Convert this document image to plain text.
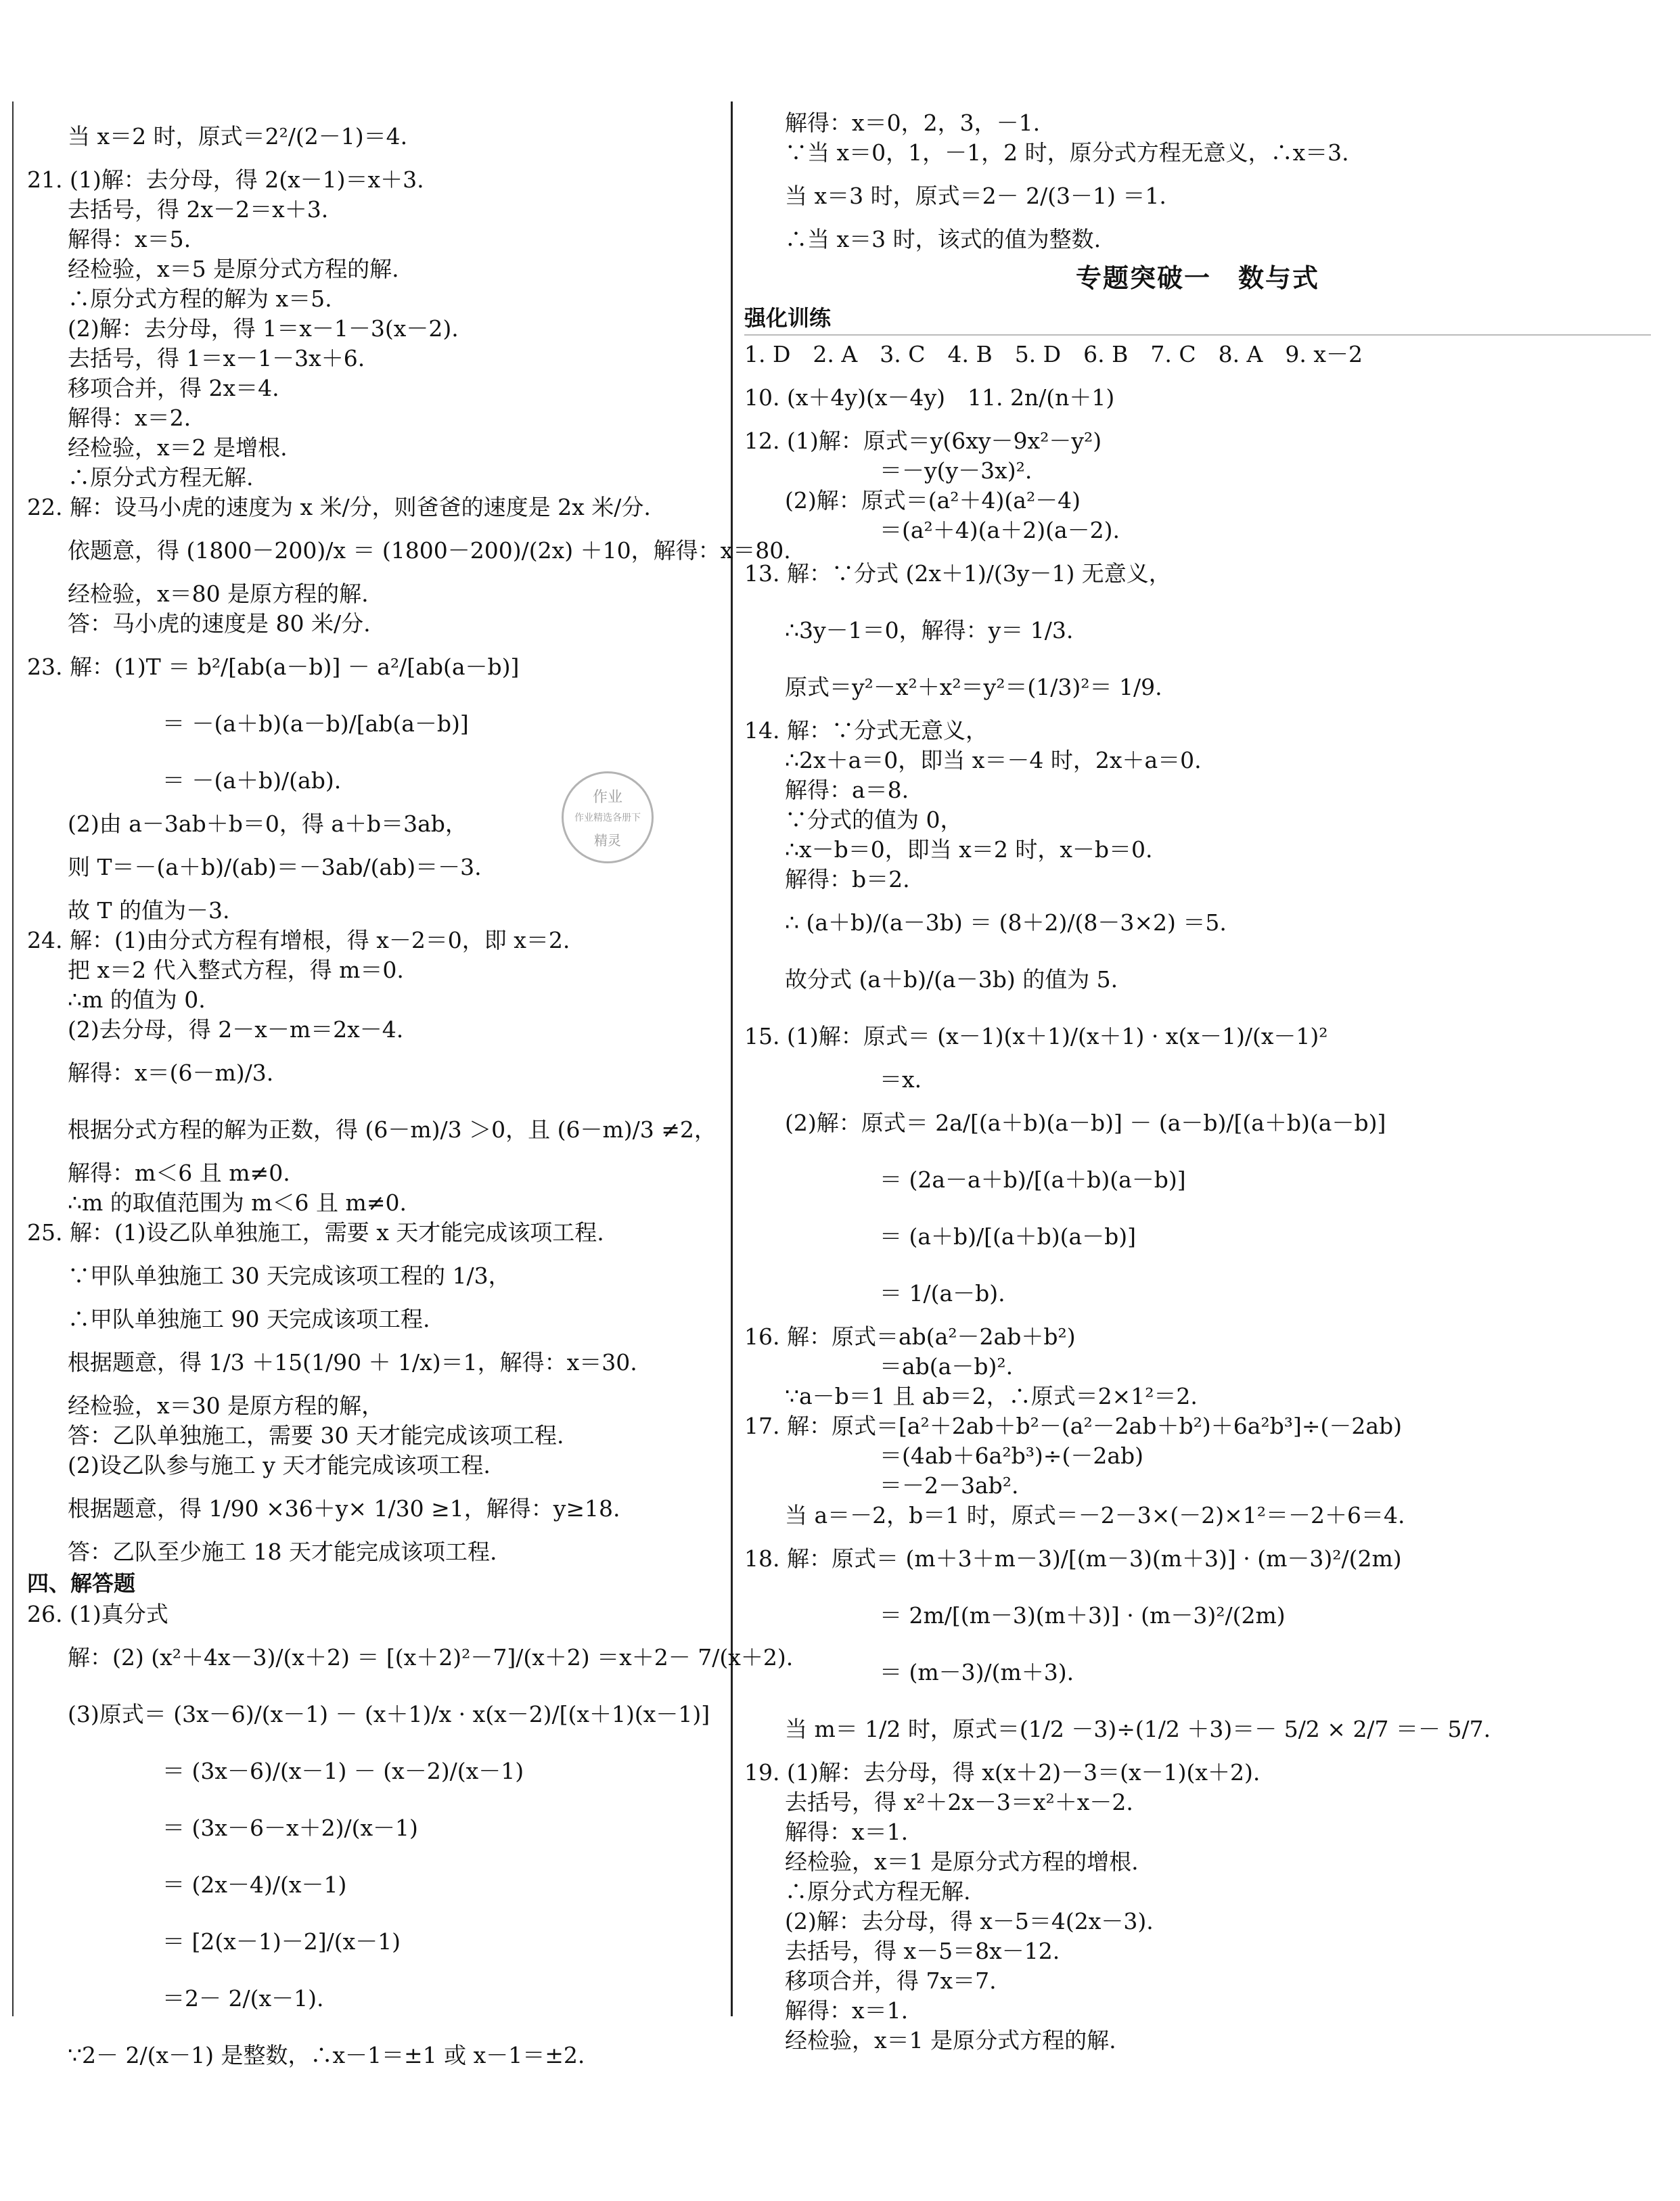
当 x＝2 时，原式＝2²/(2－1)＝4.
21. (1)解：去分母，得 2(x－1)＝x＋3.
去括号，得 2x－2＝x＋3.
解得：x＝5.
经检验，x＝5 是原分式方程的解.
∴原分式方程的解为 x＝5.
(2)解：去分母，得 1＝x－1－3(x－2).
去括号，得 1＝x－1－3x＋6.
移项合并，得 2x＝4.
解得：x＝2.
经检验，x＝2 是增根.
∴原分式方程无解.
22. 解：设马小虎的速度为 x 米/分，则爸爸的速度是 2x 米/分.
依题意，得 (1800－200)/x ＝ (1800－200)/(2x) ＋10，解得：x＝80.
经检验，x＝80 是原方程的解.
答：马小虎的速度是 80 米/分.
23. 解：(1)T ＝ b²/[ab(a－b)] － a²/[ab(a－b)]
＝ －(a＋b)(a－b)/[ab(a－b)]
＝ －(a＋b)/(ab).
(2)由 a－3ab＋b＝0，得 a＋b＝3ab，
则 T＝－(a＋b)/(ab)＝－3ab/(ab)＝－3.
故 T 的值为－3.
24. 解：(1)由分式方程有增根，得 x－2＝0，即 x＝2.
把 x＝2 代入整式方程，得 m＝0.
∴m 的值为 0.
(2)去分母，得 2－x－m＝2x－4.
解得：x＝(6－m)/3.
根据分式方程的解为正数，得 (6－m)/3 ＞0，且 (6－m)/3 ≠2，
解得：m＜6 且 m≠0.
∴m 的取值范围为 m＜6 且 m≠0.
25. 解：(1)设乙队单独施工，需要 x 天才能完成该项工程.
∵甲队单独施工 30 天完成该项工程的 1/3，
∴甲队单独施工 90 天完成该项工程.
根据题意，得 1/3 ＋15(1/90 ＋ 1/x)＝1，解得：x＝30.
经检验，x＝30 是原方程的解，
答：乙队单独施工，需要 30 天才能完成该项工程.
(2)设乙队参与施工 y 天才能完成该项工程.
根据题意，得 1/90 ×36＋y× 1/30 ≥1，解得：y≥18.
答：乙队至少施工 18 天才能完成该项工程.
四、解答题
26. (1)真分式
解：(2) (x²＋4x－3)/(x＋2) ＝ [(x＋2)²－7]/(x＋2) ＝x＋2－ 7/(x＋2).
(3)原式＝ (3x－6)/(x－1) － (x＋1)/x · x(x－2)/[(x＋1)(x－1)]
＝ (3x－6)/(x－1) － (x－2)/(x－1)
＝ (3x－6－x＋2)/(x－1)
＝ (2x－4)/(x－1)
＝ [2(x－1)－2]/(x－1)
＝2－ 2/(x－1).
∵2－ 2/(x－1) 是整数，∴x－1＝±1 或 x－1＝±2.
作业
作业精选各册下
精灵
解得：x＝0，2，3，－1.
∵当 x＝0，1，－1，2 时，原分式方程无意义，∴x＝3.
当 x＝3 时，原式＝2－ 2/(3－1) ＝1.
∴当 x＝3 时，该式的值为整数.
专题突破一　数与式
强化训练
1. D　2. A　3. C　4. B　5. D　6. B　7. C　8. A　9. x－2
10. (x＋4y)(x－4y)　11. 2n/(n＋1)
12. (1)解：原式＝y(6xy－9x²－y²)
＝－y(y－3x)².
(2)解：原式＝(a²＋4)(a²－4)
＝(a²＋4)(a＋2)(a－2).
13. 解：∵分式 (2x＋1)/(3y－1) 无意义，
∴3y－1＝0，解得：y＝ 1/3.
原式＝y²－x²＋x²＝y²＝(1/3)²＝ 1/9.
14. 解：∵分式无意义，
∴2x＋a＝0，即当 x＝－4 时，2x＋a＝0.
解得：a＝8.
∵分式的值为 0，
∴x－b＝0，即当 x＝2 时，x－b＝0.
解得：b＝2.
∴ (a＋b)/(a－3b) ＝ (8＋2)/(8－3×2) ＝5.
故分式 (a＋b)/(a－3b) 的值为 5.
15. (1)解：原式＝ (x－1)(x＋1)/(x＋1) · x(x－1)/(x－1)²
＝x.
(2)解：原式＝ 2a/[(a＋b)(a－b)] － (a－b)/[(a＋b)(a－b)]
＝ (2a－a＋b)/[(a＋b)(a－b)]
＝ (a＋b)/[(a＋b)(a－b)]
＝ 1/(a－b).
16. 解：原式＝ab(a²－2ab＋b²)
＝ab(a－b)².
∵a－b＝1 且 ab＝2，∴原式＝2×1²＝2.
17. 解：原式＝[a²＋2ab＋b²－(a²－2ab＋b²)＋6a²b³]÷(－2ab)
＝(4ab＋6a²b³)÷(－2ab)
＝－2－3ab².
当 a＝－2，b＝1 时，原式＝－2－3×(－2)×1²＝－2＋6＝4.
18. 解：原式＝ (m＋3＋m－3)/[(m－3)(m＋3)] · (m－3)²/(2m)
＝ 2m/[(m－3)(m＋3)] · (m－3)²/(2m)
＝ (m－3)/(m＋3).
当 m＝ 1/2 时，原式＝(1/2 －3)÷(1/2 ＋3)＝－ 5/2 × 2/7 ＝－ 5/7.
19. (1)解：去分母，得 x(x＋2)－3＝(x－1)(x＋2).
去括号，得 x²＋2x－3＝x²＋x－2.
解得：x＝1.
经检验，x＝1 是原分式方程的增根.
∴原分式方程无解.
(2)解：去分母，得 x－5＝4(2x－3).
去括号，得 x－5＝8x－12.
移项合并，得 7x＝7.
解得：x＝1.
经检验，x＝1 是原分式方程的解.
